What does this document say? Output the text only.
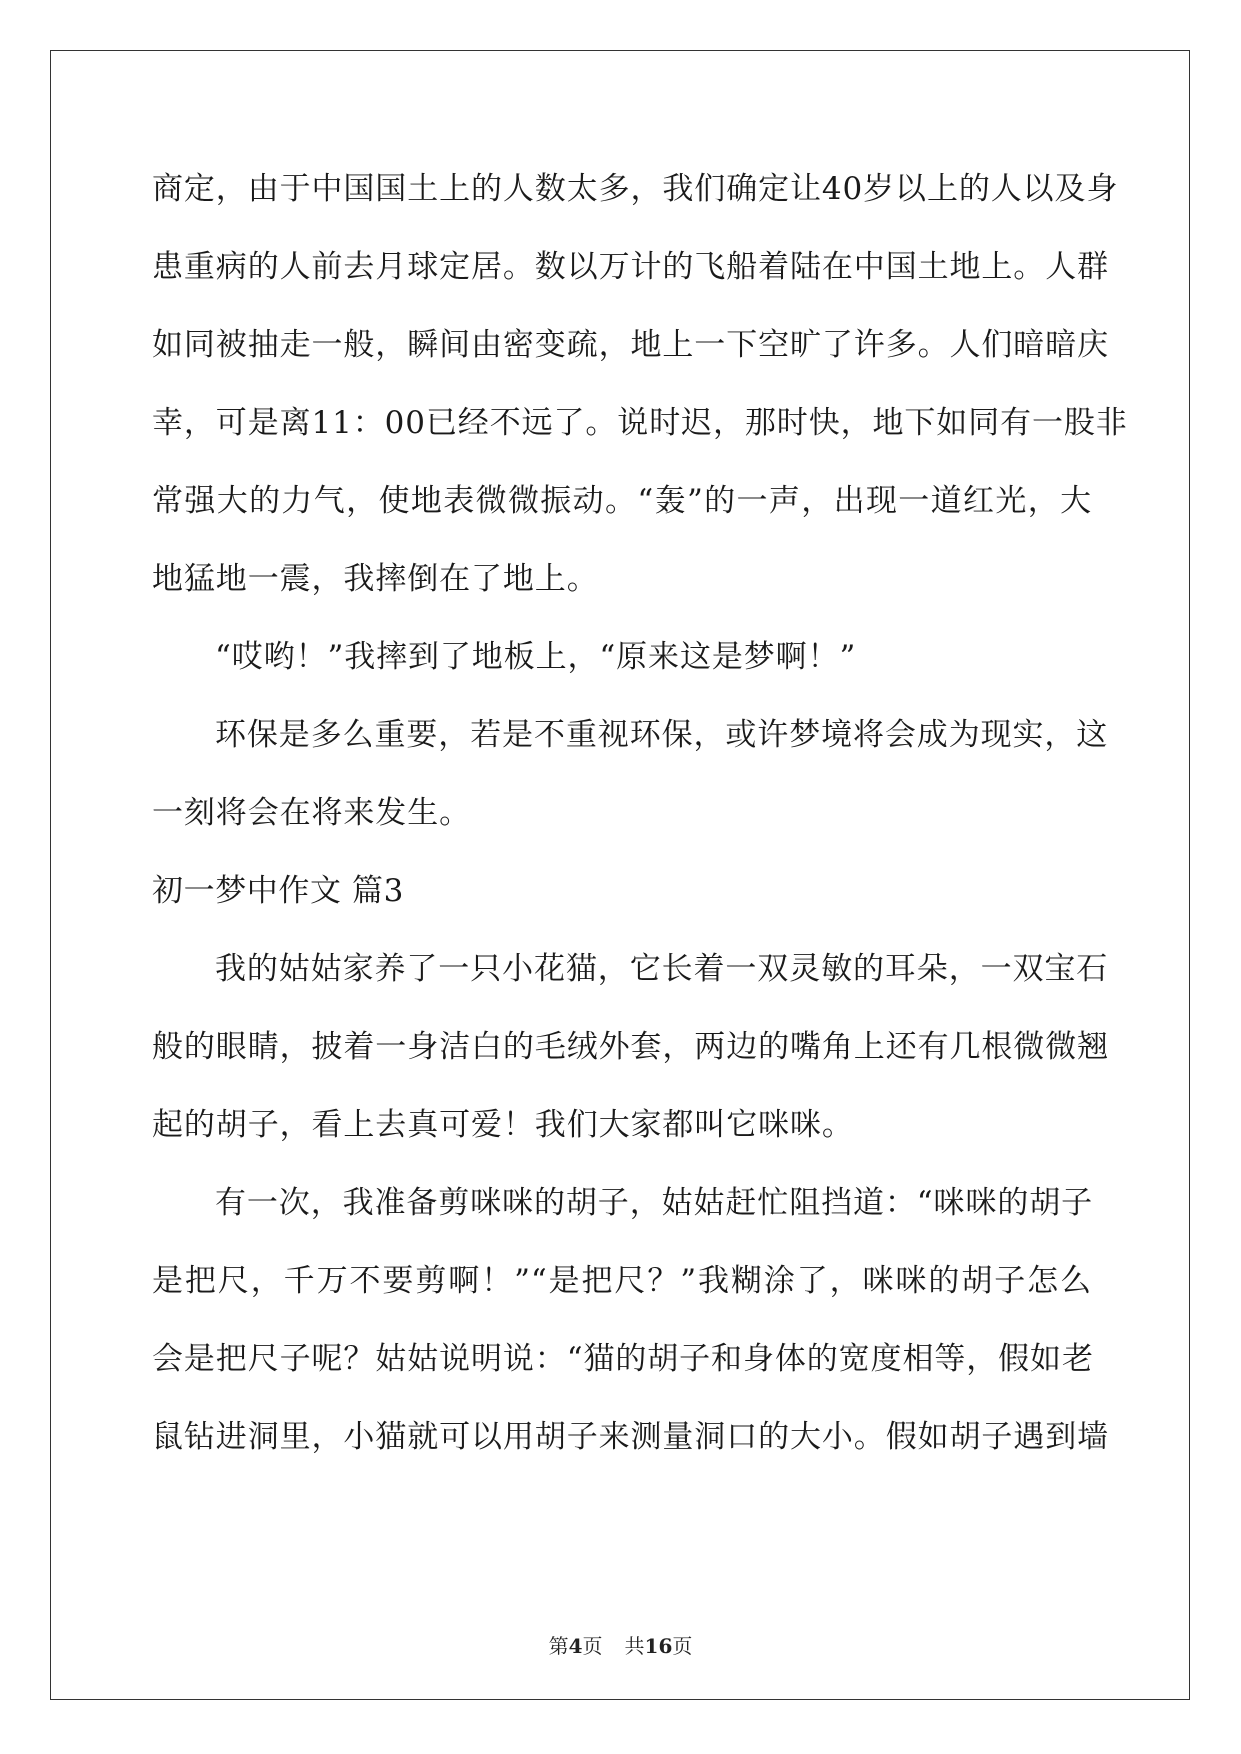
商定，由于中国国土上的人数太多，我们确定让40岁以上的人以及身
患重病的人前去月球定居。数以万计的飞船着陆在中国土地上。人群
如同被抽走一般，瞬间由密变疏，地上一下空旷了许多。人们暗暗庆
幸，可是离11：00已经不远了。说时迟，那时快，地下如同有一股非
常强大的力气，使地表微微振动。“轰”的一声，出现一道红光，大
地猛地一震，我摔倒在了地上。
“哎哟！”我摔到了地板上，“原来这是梦啊！”
环保是多么重要，若是不重视环保，或许梦境将会成为现实，这
一刻将会在将来发生。
初一梦中作文 篇3
我的姑姑家养了一只小花猫，它长着一双灵敏的耳朵，一双宝石
般的眼睛，披着一身洁白的毛绒外套，两边的嘴角上还有几根微微翘
起的胡子，看上去真可爱！我们大家都叫它咪咪。
有一次，我准备剪咪咪的胡子，姑姑赶忙阻挡道：“咪咪的胡子
是把尺，千万不要剪啊！”“是把尺？”我糊涂了，咪咪的胡子怎么
会是把尺子呢？姑姑说明说：“猫的胡子和身体的宽度相等，假如老
鼠钻进洞里，小猫就可以用胡子来测量洞口的大小。假如胡子遇到墙
第4页 共16页
